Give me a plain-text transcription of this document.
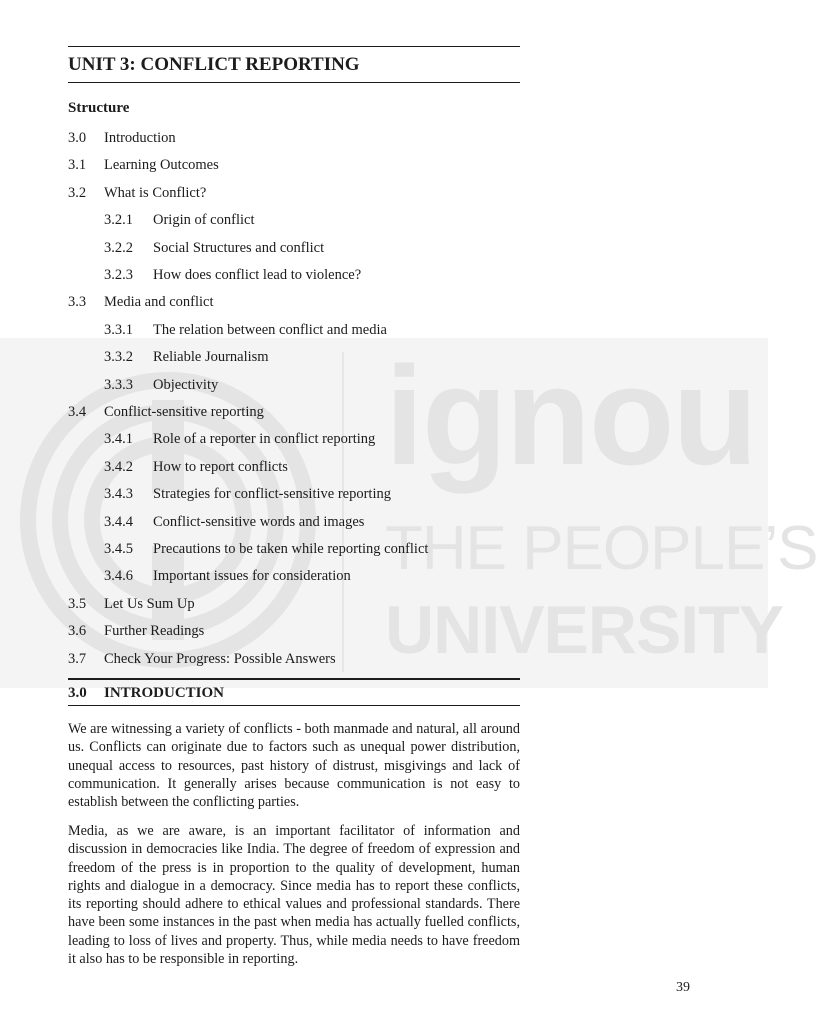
ignou
THE PEOPLE’S
UNIVERSITY
UNIT 3: CONFLICT REPORTING
Structure
3.0 Introduction
3.1 Learning Outcomes
3.2 What is Conflict?
3.2.1 Origin of conflict
3.2.2 Social Structures and conflict
3.2.3 How does conflict lead to violence?
3.3 Media and conflict
3.3.1 The relation between conflict and media
3.3.2 Reliable Journalism
3.3.3 Objectivity
3.4 Conflict-sensitive reporting
3.4.1 Role of a reporter in conflict reporting
3.4.2 How to report conflicts
3.4.3 Strategies for conflict-sensitive reporting
3.4.4 Conflict-sensitive words and images
3.4.5 Precautions to be taken while reporting conflict
3.4.6 Important issues for consideration
3.5 Let Us Sum Up
3.6 Further Readings
3.7 Check Your Progress: Possible Answers
3.0 INTRODUCTION

We are witnessing a variety of conflicts - both manmade and natural, all around us. Conflicts can originate due to factors such as unequal power distribution, unequal access to resources, past history of distrust, misgivings and lack of communication. It generally arises because communication is not easy to establish between the conflicting parties.

Media, as we are aware, is an important facilitator of information and discussion in democracies like India. The degree of freedom of expression and freedom of the press is in proportion to the quality of development, human rights and dialogue in a democracy. Since media has to report these conflicts, its reporting should adhere to ethical values and professional standards. There have been some instances in the past when media has actually fuelled conflicts, leading to loss of lives and property. Thus, while media needs to have freedom it also has to be responsible in reporting.

39
